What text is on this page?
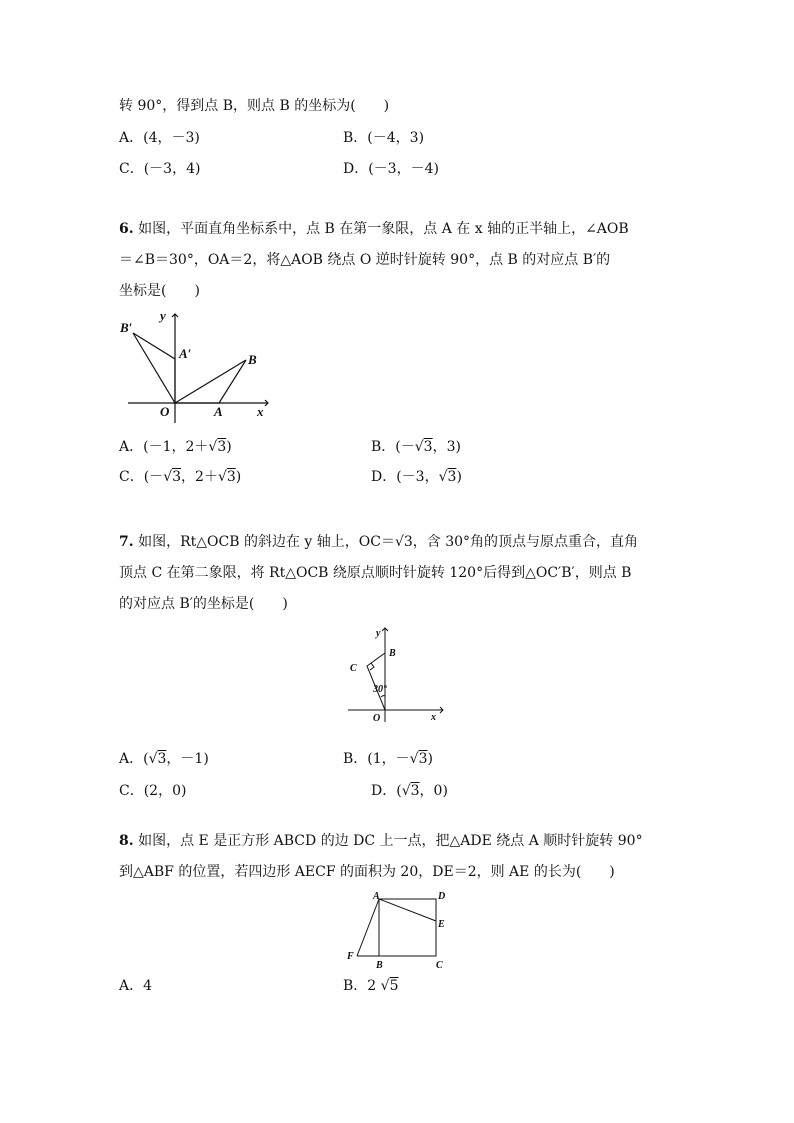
转 90°，得到点 B，则点 B 的坐标为(　　)
A．(4，－3)	B．(－4，3)
C．(－3，4)	D．(－3，－4)
6. 如图，平面直角坐标系中，点 B 在第一象限，点 A 在 x 轴的正半轴上，∠AOB
＝∠B＝30°，OA＝2，将△AOB 绕点 O 逆时针旋转 90°，点 B 的对应点 B′的
坐标是(　　)
B′
A′	B
O	A	x
y
A．(－1，2＋√3)	B．(－√3，3)
C．(－√3，2＋√3)	D．(－3，√3)
7. 如图，Rt△OCB 的斜边在 y 轴上，OC＝√3，含 30°角的顶点与原点重合，直角
顶点 C 在第二象限，将 Rt△OCB 绕原点顺时针旋转 120°后得到△OC′B′，则点 B
的对应点 B′的坐标是(　　)
y
B
C
30°
O	x
A．(√3，－1)	B．(1，－√3)
C．(2，0)	D．(√3，0)
8. 如图，点 E 是正方形 ABCD 的边 DC 上一点，把△ADE 绕点 A 顺时针旋转 90°
到△ABF 的位置，若四边形 AECF 的面积为 20，DE＝2，则 AE 的长为(　　)
A	D
E
F
B	C
A．4	B．2 √5
